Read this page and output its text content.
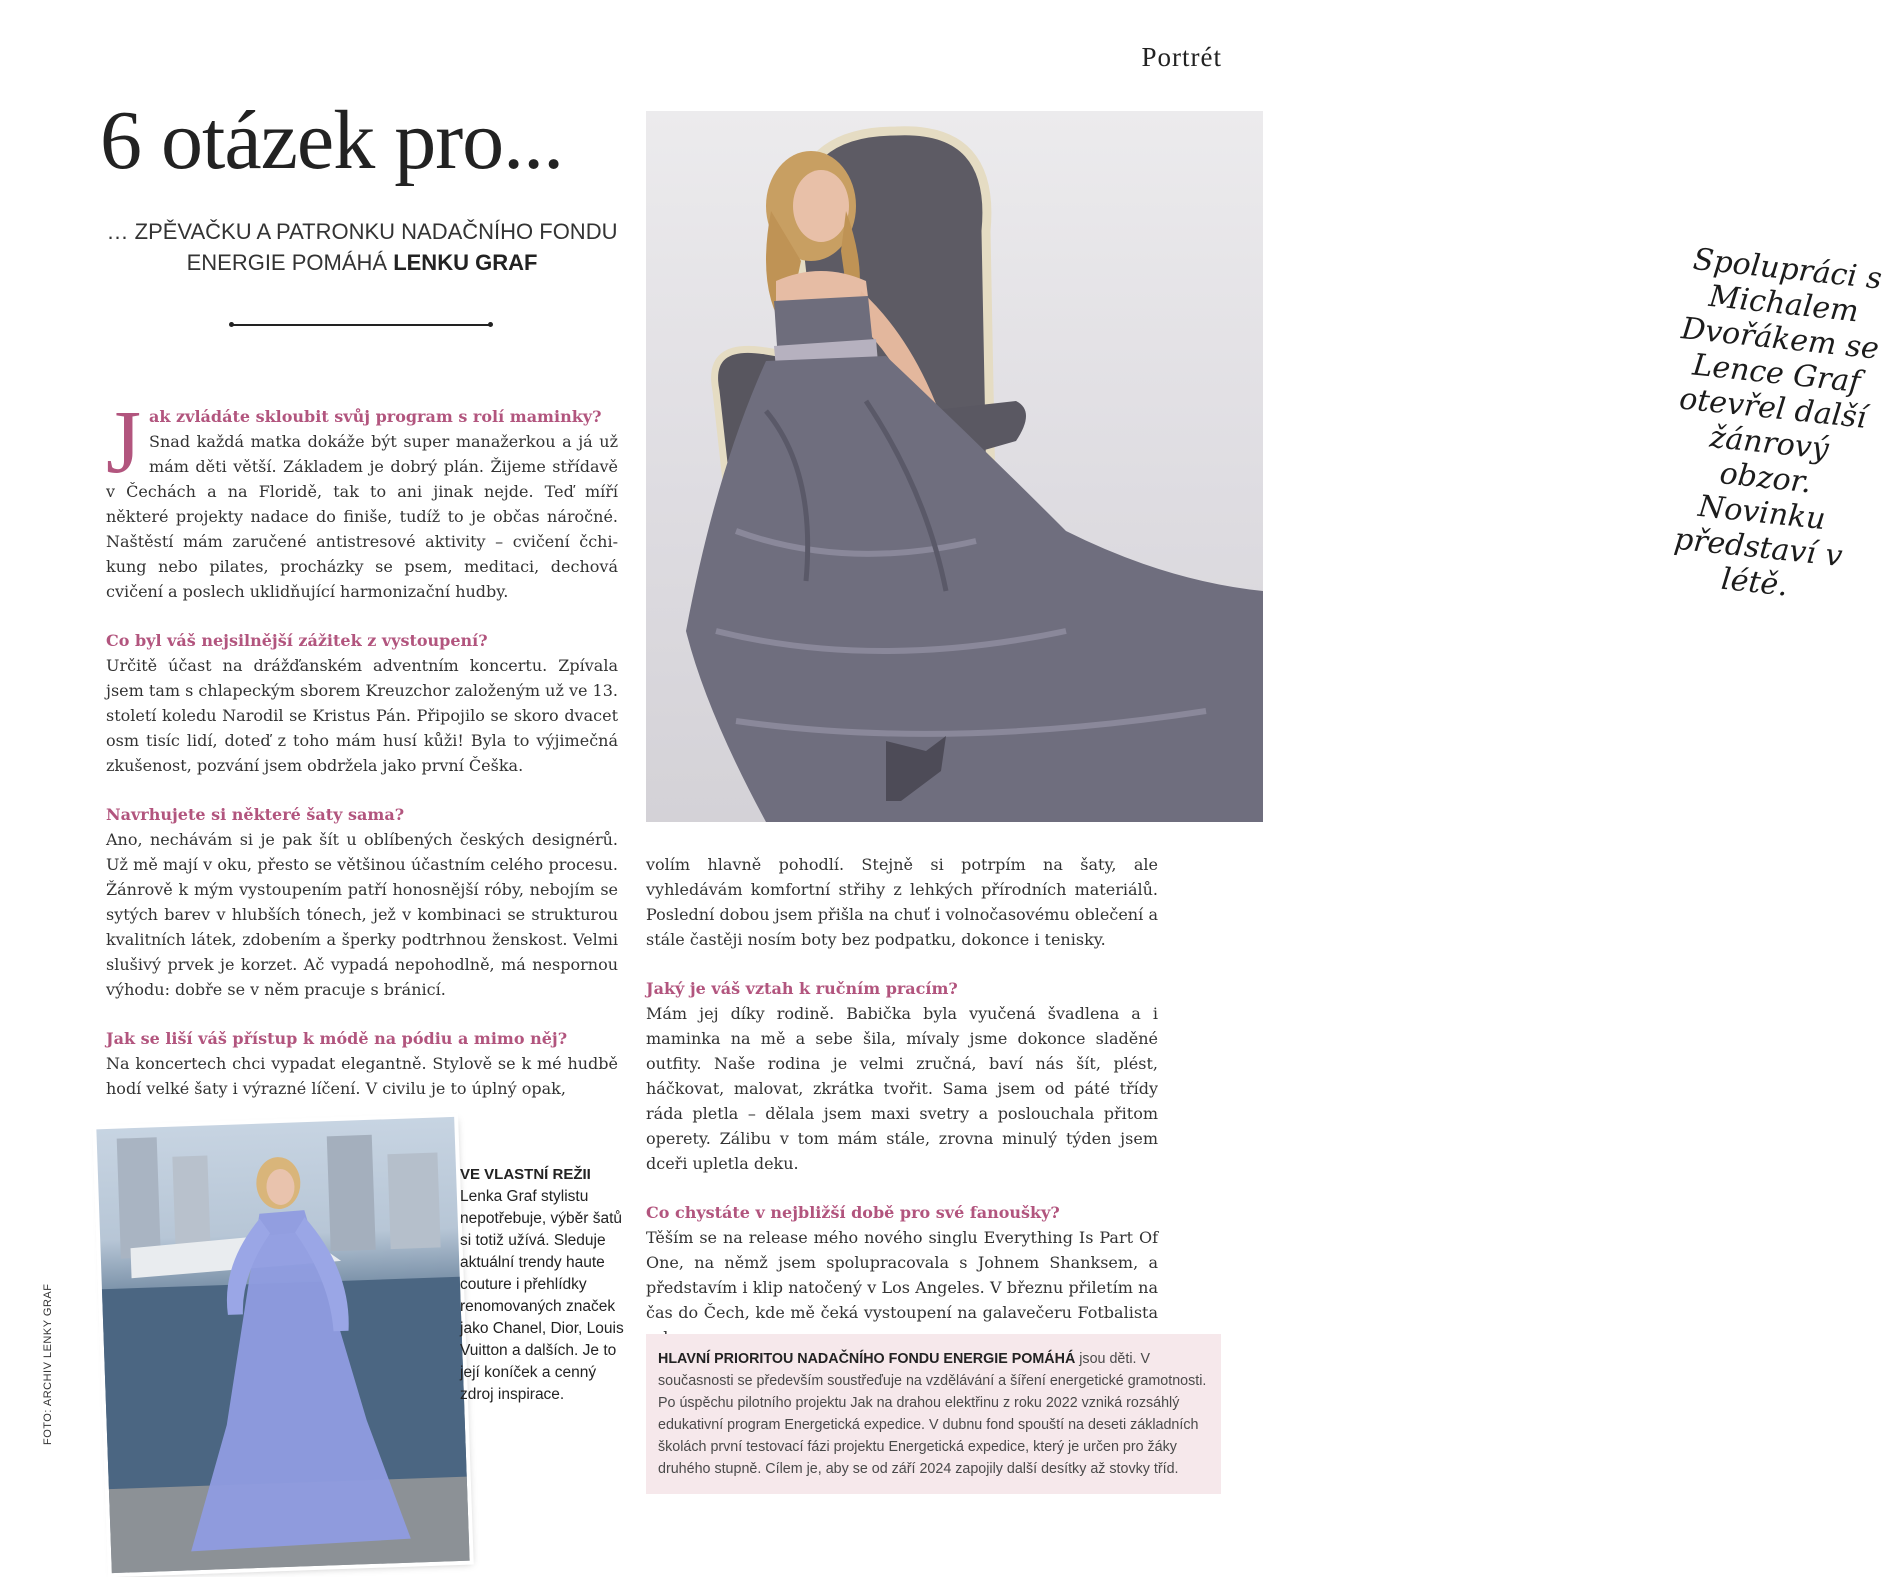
Portrét
6 otázek pro...
… ZPĚVAČKU A PATRONKU NADAČNÍHO FONDU ENERGIE POMÁHÁ LENKU GRAF

J ak zvládáte skloubit svůj program s rolí maminky?
Snad každá matka dokáže být super manažerkou a já už mám děti větší. Základem je dobrý plán. Žijeme střídavě v Čechách a na Floridě, tak to ani jinak nejde. Teď míří některé projekty nadace do finiše, tudíž to je občas náročné. Naštěstí mám zaručené antistresové aktivity – cvičení čchi-kung nebo pilates, procházky se psem, meditaci, dechová cvičení a poslech uklidňující harmonizační hudby.

Co byl váš nejsilnější zážitek z vystoupení?
Určitě účast na drážďanském adventním koncertu. Zpívala jsem tam s chlapeckým sborem Kreuzchor založeným už ve 13. století koledu Narodil se Kristus Pán. Připojilo se skoro dvacet osm tisíc lidí, doteď z toho mám husí kůži! Byla to výjimečná zkušenost, pozvání jsem obdržela jako první Češka.

Navrhujete si některé šaty sama?
Ano, nechávám si je pak šít u oblíbených českých designérů. Už mě mají v oku, přesto se většinou účastním celého procesu. Žánrově k mým vystoupením patří honosnější róby, nebojím se sytých barev v hlubších tónech, jež v kombinaci se strukturou kvalitních látek, zdobením a šperky podtrhnou ženskost. Velmi slušivý prvek je korzet. Ač vypadá nepohodlně, má nespornou výhodu: dobře se v něm pracuje s bránicí.

Jak se liší váš přístup k módě na pódiu a mimo něj?
Na koncertech chci vypadat elegantně. Stylově se k mé hudbě hodí velké šaty i výrazné líčení. V civilu je to úplný opak,

Spolupráci s Michalem Dvořákem se Lence Graf otevřel další žánrový obzor. Novinku představí v létě.

volím hlavně pohodlí. Stejně si potrpím na šaty, ale vyhledávám komfortní střihy z lehkých přírodních materiálů. Poslední dobou jsem přišla na chuť i volnočasovému oblečení a stále častěji nosím boty bez podpatku, dokonce i tenisky.

Jaký je váš vztah k ručním pracím?
Mám jej díky rodině. Babička byla vyučená švadlena a i maminka na mě a sebe šila, mívaly jsme dokonce sladěné outfity. Naše rodina je velmi zručná, baví nás šít, plést, háčkovat, malovat, zkrátka tvořit. Sama jsem od páté třídy ráda pletla – dělala jsem maxi svetry a poslouchala přitom operety. Zálibu v tom mám stále, zrovna minulý týden jsem dceři upletla deku.

Co chystáte v nejbližší době pro své fanoušky?
Těším se na release mého nového singlu Everything Is Part Of One, na němž jsem spolupracovala s Johnem Shanksem, a představím i klip natočený v Los Angeles. V březnu přiletím na čas do Čech, kde mě čeká vystoupení na galavečeru Fotbalista

VE VLASTNÍ REŽII
Lenka Graf stylistu nepotřebuje, výběr šatů si totiž užívá. Sleduje aktuální trendy haute couture i přehlídky renomovaných značek jako Chanel, Dior, Louis Vuitton a dalších. Je to její koníček a cenný zdroj inspirace.
FOTO: ARCHIV LENKY GRAF	HLAVNÍ PRIORITOU NADAČNÍHO FONDU ENERGIE POMÁHÁ jsou děti. V současnosti se především soustřeďuje na vzdělávání a šíření energetické gramotnosti. Po úspěchu pilotního projektu Jak na drahou elektřinu z roku 2022 vzniká rozsáhlý edukativní program Energetická expedice. V dubnu fond spouští na deseti základních školách první testovací fázi projektu Energetická expedice, který je určen pro žáky druhého stupně. Cílem je, aby se od září 2024 zapojily další desítky až stovky tříd.
